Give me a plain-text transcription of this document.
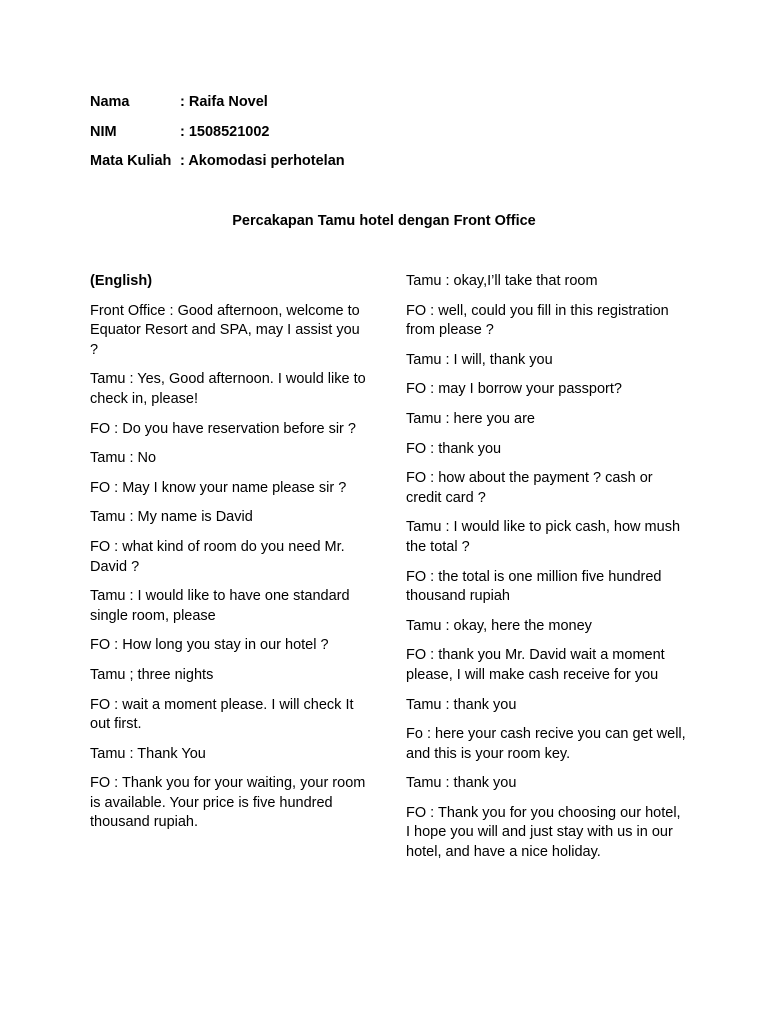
Nama	: Raifa Novel
NIM	: 1508521002
Mata Kuliah : Akomodasi perhotelan
Percakapan Tamu hotel dengan Front Office
(English)

Front Office : Good afternoon, welcome to Equator Resort and SPA, may I assist you ?

Tamu : Yes, Good afternoon. I would like to check in, please!

FO : Do you have reservation before sir ?

Tamu : No

FO : May I know your name please sir ?

Tamu : My name is David

FO : what kind of room do you need Mr. David ?

Tamu : I would like to have one standard single room, please

FO : How long you stay in our hotel ?

Tamu ; three nights

FO : wait a moment please. I will check It out first.

Tamu : Thank You

FO : Thank you for your waiting, your room is available. Your price is five hundred thousand rupiah.

Tamu : okay,I’ll take that room

FO : well, could you fill in this registration from please ?

Tamu : I will, thank you

FO : may I borrow your passport?

Tamu : here you are

FO : thank you

FO : how about the payment ? cash or credit card ?

Tamu : I would like to pick cash, how mush the total ?

FO : the total is one million five hundred thousand rupiah

Tamu : okay, here the money

FO : thank you Mr. David wait a moment please, I will make cash receive for you

Tamu : thank you

Fo : here your cash recive you can get well, and this is your room key.

Tamu : thank you

FO : Thank you for you choosing our hotel, I hope you will and just stay with us in our hotel, and have a nice holiday.
